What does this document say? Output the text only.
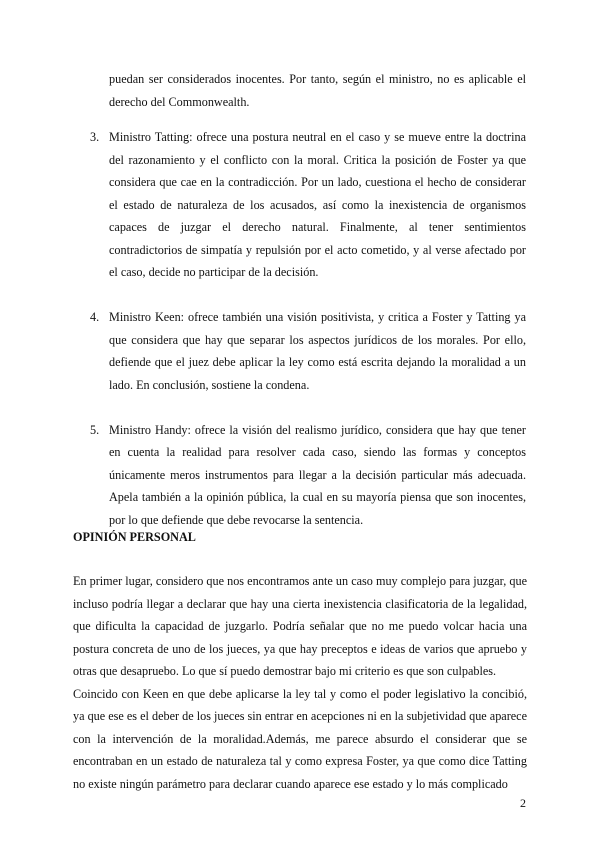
puedan ser considerados inocentes. Por tanto, según el ministro, no es aplicable el derecho del Commonwealth.

3. Ministro Tatting: ofrece una postura neutral en el caso y se mueve entre la doctrina del razonamiento y el conflicto con la moral. Critica la posición de Foster ya que considera que cae en la contradicción. Por un lado, cuestiona el hecho de considerar el estado de naturaleza de los acusados, así como la inexistencia de organismos capaces de juzgar el derecho natural. Finalmente, al tener sentimientos contradictorios de simpatía y repulsión por el acto cometido, y al verse afectado por el caso, decide no participar de la decisión.
4. Ministro Keen: ofrece también una visión positivista, y critica a Foster y Tatting ya que considera que hay que separar los aspectos jurídicos de los morales. Por ello, defiende que el juez debe aplicar la ley como está escrita dejando la moralidad a un lado. En conclusión, sostiene la condena.
5. Ministro Handy: ofrece la visión del realismo jurídico, considera que hay que tener en cuenta la realidad para resolver cada caso, siendo las formas y conceptos únicamente meros instrumentos para llegar a la decisión particular más adecuada. Apela también a la opinión pública, la cual en su mayoría piensa que son inocentes, por lo que defiende que debe revocarse la sentencia.
OPINIÓN PERSONAL

En primer lugar, considero que nos encontramos ante un caso muy complejo para juzgar, que incluso podría llegar a declarar que hay una cierta inexistencia clasificatoria de la legalidad, que dificulta la capacidad de juzgarlo. Podría señalar que no me puedo volcar hacia una postura concreta de uno de los jueces, ya que hay preceptos e ideas de varios que apruebo y otras que desapruebo. Lo que sí puedo demostrar bajo mi criterio es que son culpables.

Coincido con Keen en que debe aplicarse la ley tal y como el poder legislativo la concibió, ya que ese es el deber de los jueces sin entrar en acepciones ni en la subjetividad que aparece con la intervención de la moralidad.Además, me parece absurdo el considerar que se encontraban en un estado de naturaleza tal y como expresa Foster, ya que como dice Tatting no existe ningún parámetro para declarar cuando aparece ese estado y lo más complicado

2
